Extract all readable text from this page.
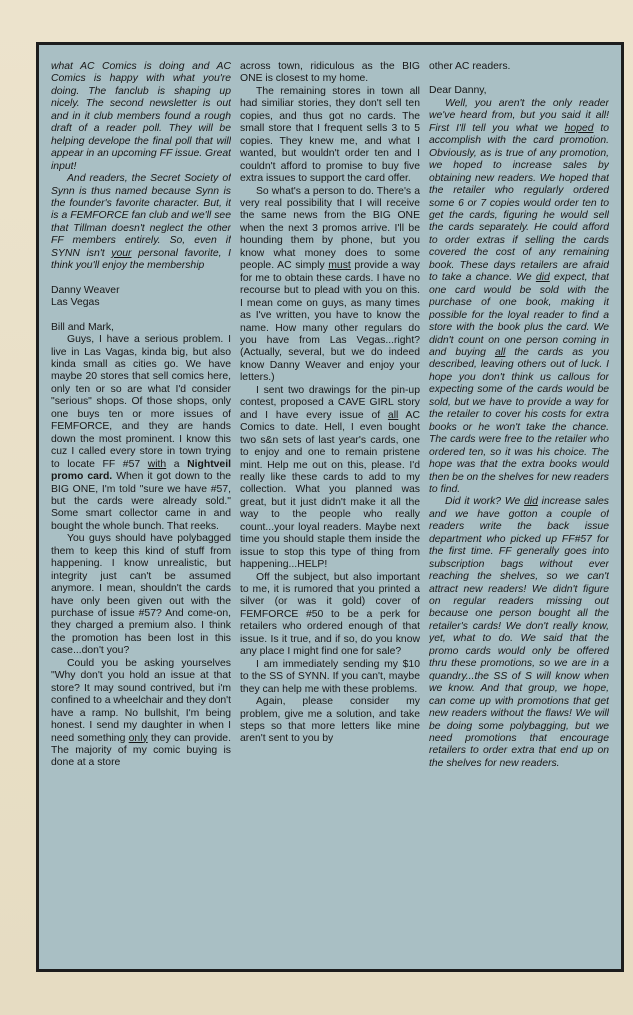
what AC Comics is doing and AC Comics is happy with what you're doing. The fanclub is shaping up nicely. The second newsletter is out and in it club members found a rough draft of a reader poll. They will be helping develope the final poll that will appear in an upcoming FF issue. Great input!

And readers, the Secret Society of Synn is thus named because Synn is the founder's favorite character. But, it is a FEMFORCE fan club and we'll see that Tillman doesn't neglect the other FF members entirely. So, even if SYNN isn't your personal favorite, I think you'll enjoy the membership

Danny Weaver

Las Vegas

Bill and Mark,

Guys, I have a serious problem. I live in Las Vagas, kinda big, but also kinda small as cities go. We have maybe 20 stores that sell comics here, only ten or so are what I'd consider "serious" shops. Of those shops, only one buys ten or more issues of FEMFORCE, and they are hands down the most prominent. I know this cuz I called every store in town trying to locate FF #57 with a Nightveil promo card. When it got down to the BIG ONE, I'm told "sure we have #57, but the cards were already sold." Some smart collector came in and bought the whole bunch. That reeks.

You guys should have polybagged them to keep this kind of stuff from happening. I know unrealistic, but integrity just can't be assumed anymore. I mean, shouldn't the cards have only been given out with the purchase of issue #57? And come-on, they charged a premium also. I think the promotion has been lost in this case...don't you?

Could you be asking yourselves "Why don't you hold an issue at that store? It may sound contrived, but i'm confined to a wheelchair and they don't have a ramp. No bullshit, I'm being honest. I send my daughter in when I need something only they can provide. The majority of my comic buying is done at a store

across town, ridiculous as the BIG ONE is closest to my home.

The remaining stores in town all had similiar stories, they don't sell ten copies, and thus got no cards. The small store that I frequent sells 3 to 5 copies. They knew me, and what I wanted, but wouldn't order ten and I couldn't afford to promise to buy five extra issues to support the card offer.

So what's a person to do. There's a very real possibility that I will receive the same news from the BIG ONE when the next 3 promos arrive. I'll be hounding them by phone, but you know what money does to some people. AC simply must provide a way for me to obtain these cards. I have no recourse but to plead with you on this. I mean come on guys, as many times as I've written, you have to know the name. How many other regulars do you have from Las Vegas...right? (Actually, several, but we do indeed know Danny Weaver and enjoy your letters.)

I sent two drawings for the pin-up contest, proposed a CAVE GIRL story and I have every issue of all AC Comics to date. Hell, I even bought two s&n sets of last year's cards, one to enjoy and one to remain pristene mint. Help me out on this, please. I'd really like these cards to add to my collection. What you planned was great, but it just didn't make it all the way to the people who really count...your loyal readers. Maybe next time you should staple them inside the issue to stop this type of thing from happening...HELP!

Off the subject, but also important to me, it is rumored that you printed a silver (or was it gold) cover of FEMFORCE #50 to be a perk for retailers who ordered enough of that issue. Is it true, and if so, do you know any place I might find one for sale?

I am immediately sending my $10 to the SS of SYNN. If you can't, maybe they can help me with these problems.

Again, please consider my problem, give me a solution, and take steps so that more letters like mine aren't sent to you by

other AC readers.

Dear Danny,

Well, you aren't the only reader we've heard from, but you said it all! First I'll tell you what we hoped to accomplish with the card promotion. Obviously, as is true of any promotion, we hoped to increase sales by obtaining new readers. We hoped that the retailer who regularly ordered some 6 or 7 copies would order ten to get the cards, figuring he would sell the cards separately. He could afford to order extras if selling the cards covered the cost of any remaining book. These days retailers are afraid to take a chance. We did expect, that one card would be sold with the purchase of one book, making it possible for the loyal reader to find a store with the book plus the card. We didn't count on one person coming in and buying all the cards as you described, leaving others out of luck. I hope you don't think us callous for expecting some of the cards would be sold, but we have to provide a way for the retailer to cover his costs for extra books or he won't take the chance. The cards were free to the retailer who ordered ten, so it was his choice. The hope was that the extra books would then be on the shelves for new readers to find.

Did it work? We did increase sales and we have gotton a couple of readers write the back issue department who picked up FF#57 for the first time. FF generally goes into subscription bags without ever reaching the shelves, so we can't attract new readers! We didn't figure on regular readers missing out because one person bought all the retailer's cards! We don't really know, yet, what to do. We said that the promo cards would only be offered thru these promotions, so we are in a quandry...the SS of S will know when we know. And that group, we hope, can come up with promotions that get new readers without the flaws! We will be doing some polybagging, but we need promotions that encourage retailers to order extra that end up on the shelves for new readers.
